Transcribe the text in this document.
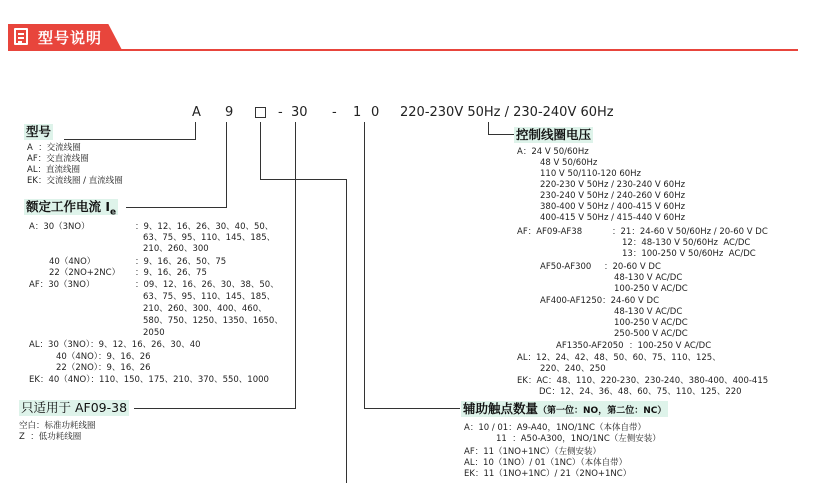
型号说明
A 9	- 30 - 1 0 220-230V 50Hz / 230-240V 60Hz
型号
A  ：交流线圈
AF：交直流线圈
AL：直流线圈
EK：交流线圈 / 直流线圈
额定工作电流 $I_e$
A：30（3NO）
40（4NO）
22（2NO+2NC）
AF：30（3NO）
：9、12、16、26、30、40、50、
63、75、95、110、145、185、
210、260、300
：9、16、26、50、75
：9、16、26、75
：09、12、16、26、30、38、50、
63、75、95、110、145、185、
210、260、300、400、460、
580、750、1250、1350、1650、
2050
AL：30（3NO）：9、12、16、26、30、40
40（4NO）：9、16、26
22（2NO）：9、16、26
EK：40（4NO）：110、150、175、210、370、550、1000
只适用于 AF09-38
空白：标准功耗线圈
Z  ：低功耗线圈
控制线圈电压
A：24 V 50/60Hz
48 V 50/60Hz
110 V 50/110-120 60Hz
220-230 V 50Hz / 230-240 V 60Hz
230-240 V 50Hz / 240-260 V 60Hz
380-400 V 50Hz / 400-415 V 60Hz
400-415 V 50Hz / 415-440 V 60Hz
AF：AF09-AF38	：21：24-60 V 50/60Hz / 20-60 V DC
12：48-130 V 50/60Hz  AC/DC
13：100-250 V 50/60Hz  AC/DC
AF50-AF300 ：20-60 V DC
48-130 V AC/DC
100-250 V AC/DC
AF400-AF1250：24-60 V DC
48-130 V AC/DC
100-250 V AC/DC
250-500 V AC/DC
AF1350-AF2050  ：100-250 V AC/DC
AL：12、24、42、48、50、60、75、110、125、
220、240、250
EK：AC：48、110、220-230、230-240、380-400、400-415
DC：12、24、36、48、60、75、110、125、220
辅助触点数量（第一位：NO，第二位：NC）
A：10 / 01：A9-A40，1NO/1NC（本体自带）
11  ：A50-A300，1NO/1NC（左侧安装）
AF：11（1NO+1NC）（左侧安装）
AL：10（1NO）/ 01（1NC）（本体自带）
EK：11（1NO+1NC）/ 21（2NO+1NC）
